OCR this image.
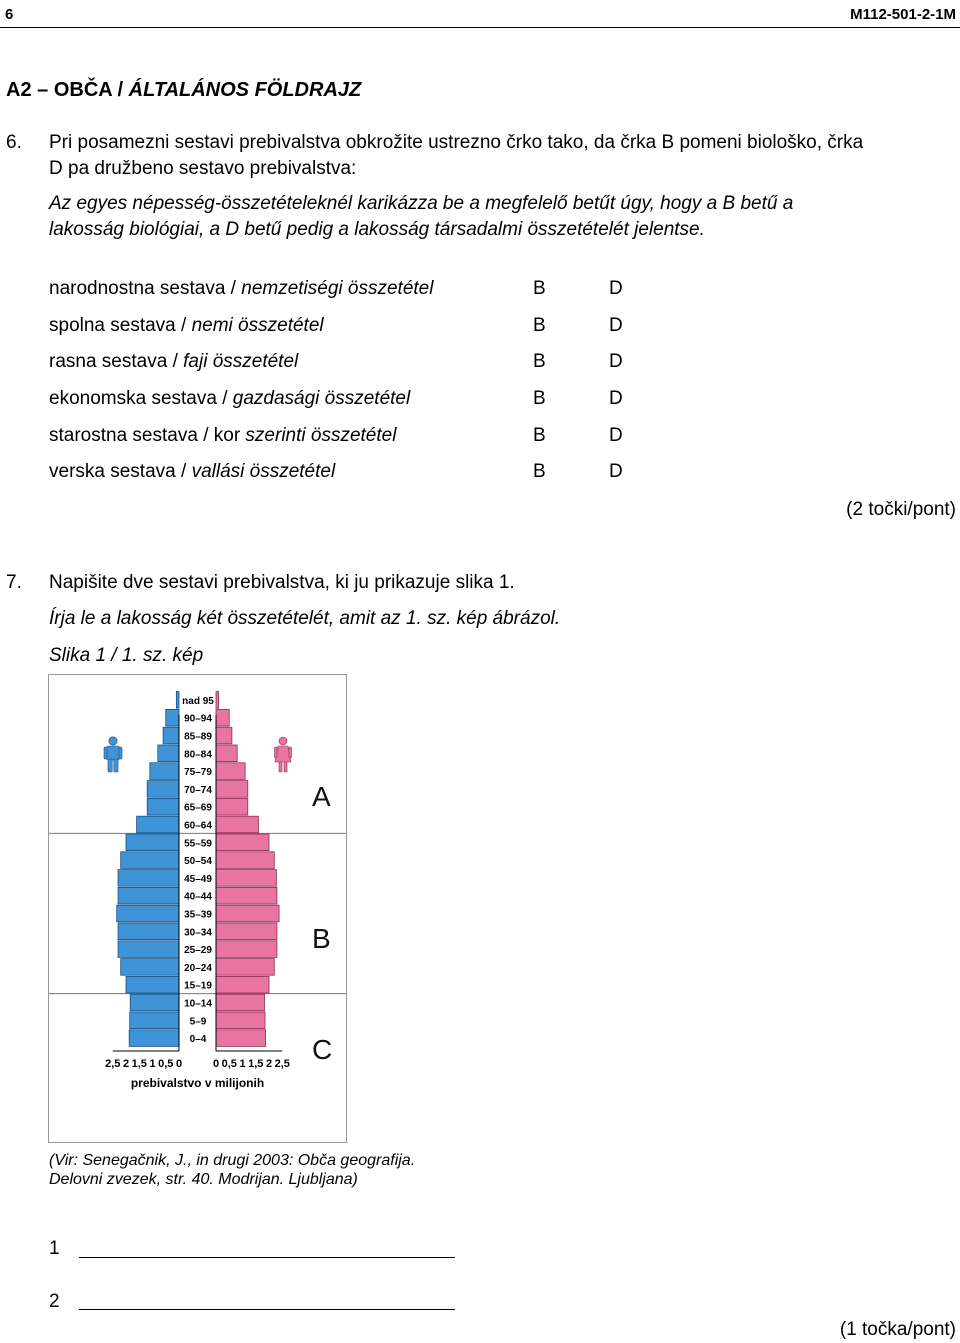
6	M112-501-2-1M
A2 – OBČA / ÁLTALÁNOS FÖLDRAJZ
6. Pri posamezni sestavi prebivalstva obkrožite ustrezno črko tako, da črka B pomeni biološko, črka
D pa družbeno sestavo prebivalstva:
Az egyes népesség-összetételeknél karikázza be a megfelelő betűt úgy, hogy a B betű a
lakosság biológiai, a D betű pedig a lakosság társadalmi összetételét jelentse.
narodnostna sestava / nemzetiségi összetétel	B	D
spolna sestava / nemi összetétel	B	D
rasna sestava / faji összetétel	B	D
ekonomska sestava / gazdasági összetétel	B	D
starostna sestava / kor szerinti összetétel	B	D
verska sestava / vallási összetétel	B	D
(2 točki/pont)
7. Napišite dve sestavi prebivalstva, ki ju prikazuje slika 1.
Írja le a lakosság két összetételét, amit az 1. sz. kép ábrázol.
Slika 1 / 1. sz. kép
0–4
5–9
10–14
15–19
20–24
25–29
30–34
35–39
40–44
45–49
50–54
55–59
60–64
65–69
70–74
75–79
80–84
85–89
90–94
nad 95
2,5 2 1,5 1 0,5 0	0 0,5 1 1,5 2 2,5
prebivalstvo v milijonih
A
B
C
(Vir: Senegačnik, J., in drugi 2003: Obča geografija.
Delovni zvezek, str. 40. Modrijan. Ljubljana)
1
2
(1 točka/pont)
